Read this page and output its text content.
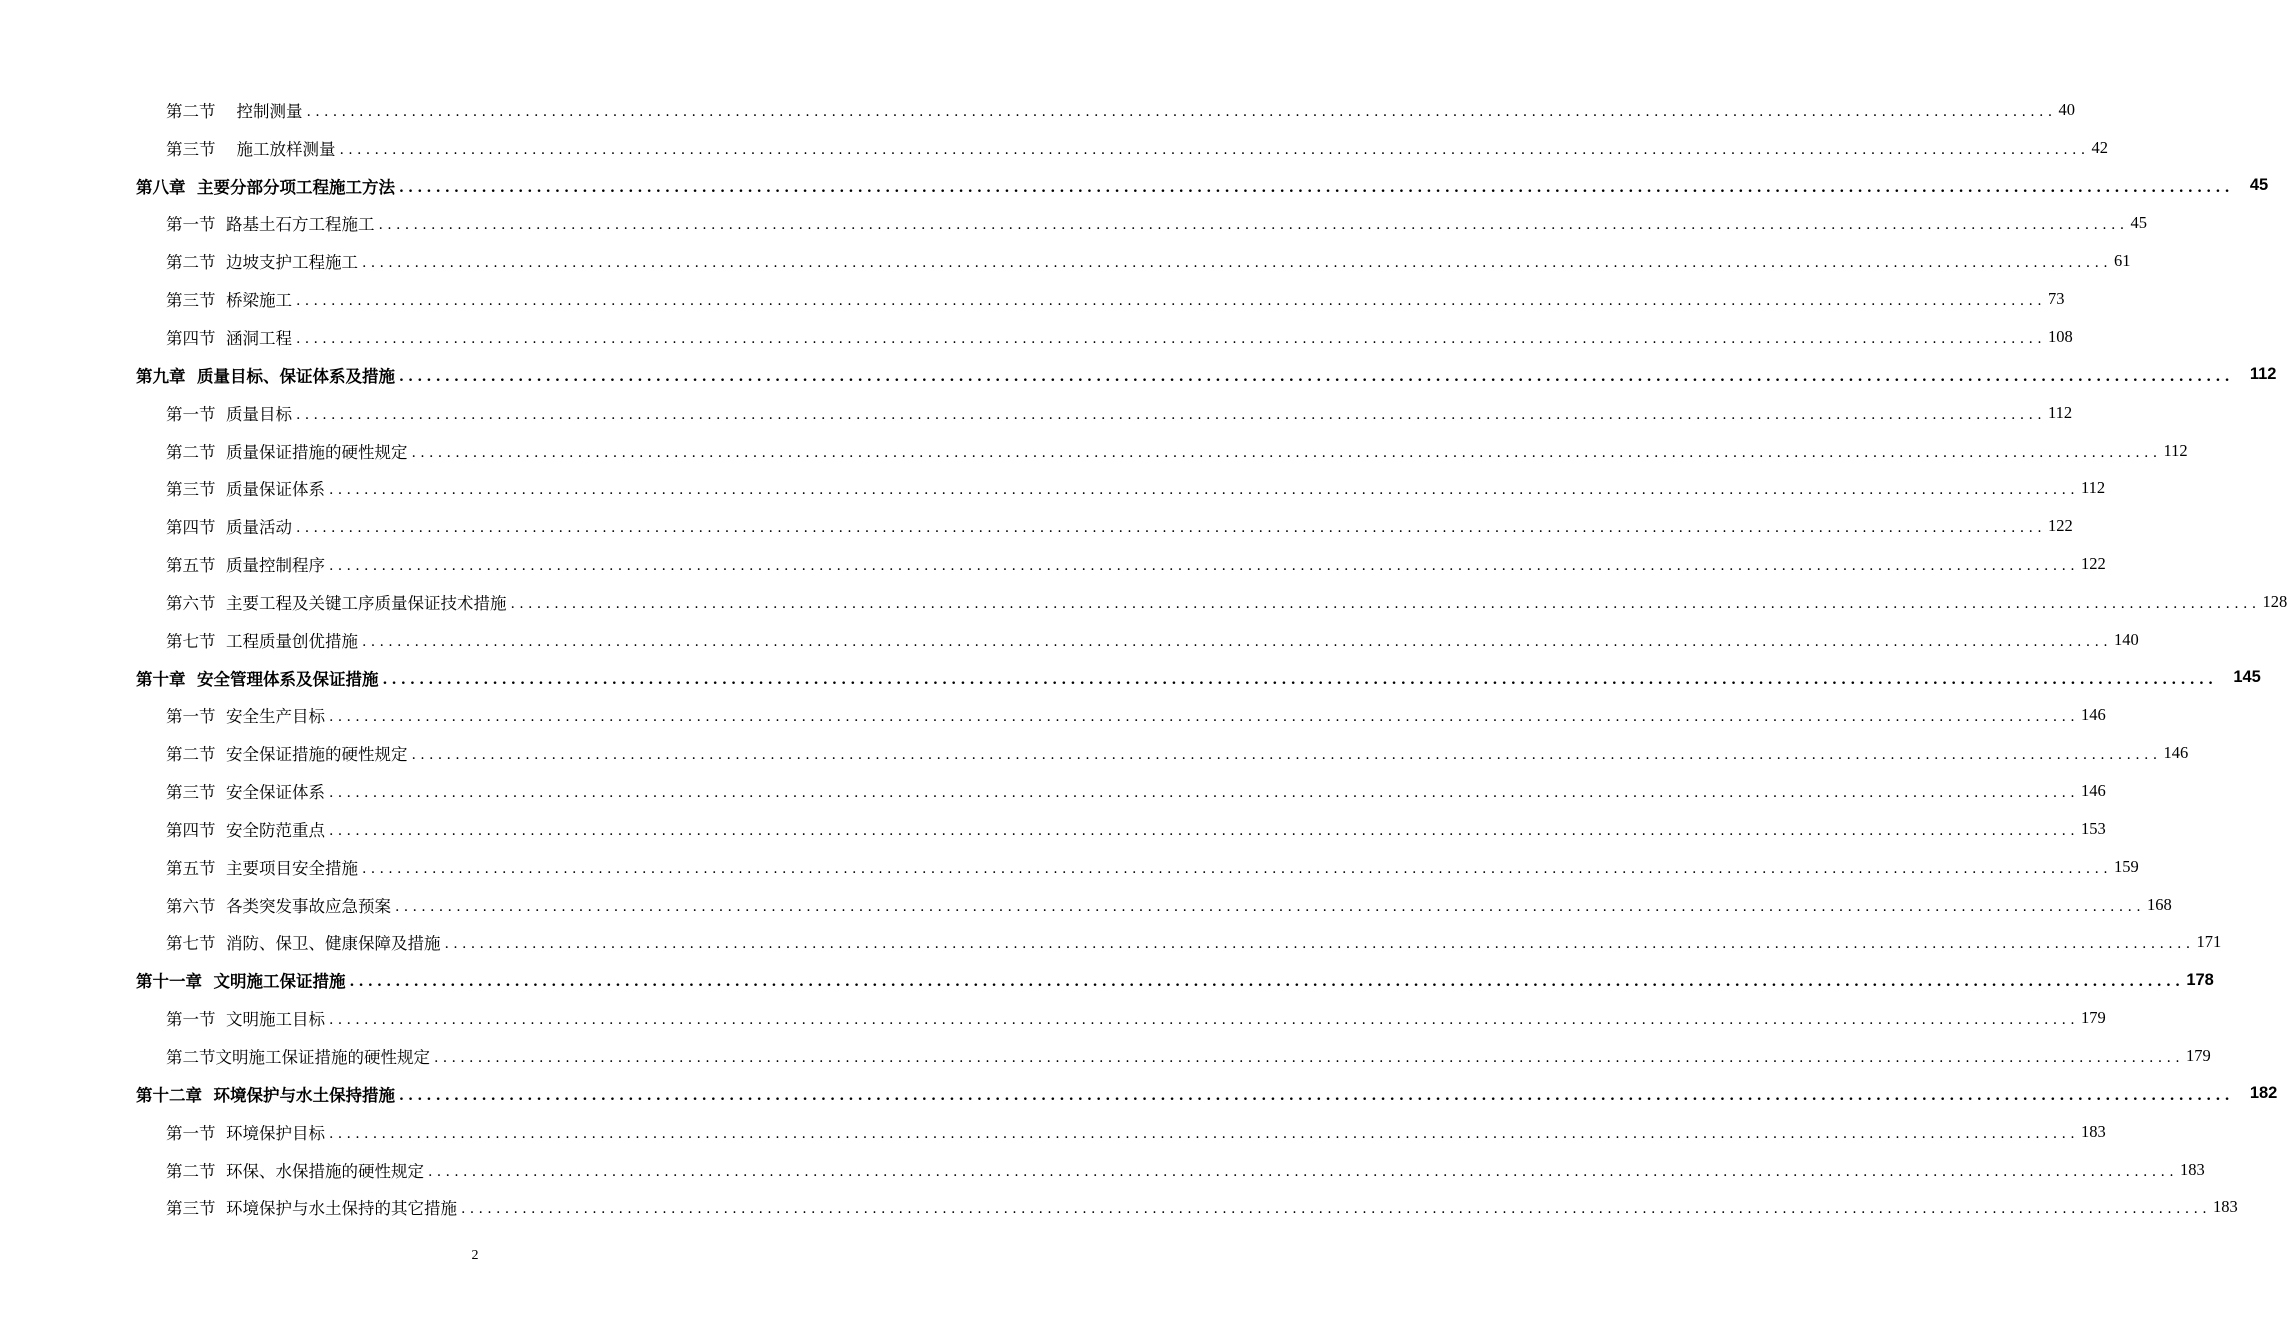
第二节    控制测量 ........................................................................................................................................................................................................ 40
第三节    施工放样测量 ........................................................................................................................................................................................................ 42
第八章  主要分部分项工程施工方法 ........................................................................................................................................................................................................ 45
第一节  路基土石方工程施工 ........................................................................................................................................................................................................ 45
第二节  边坡支护工程施工 ........................................................................................................................................................................................................ 61
第三节  桥梁施工 ........................................................................................................................................................................................................ 73
第四节  涵洞工程 ........................................................................................................................................................................................................ 108
第九章  质量目标、保证体系及措施 ........................................................................................................................................................................................................ 112
第一节  质量目标 ........................................................................................................................................................................................................ 112
第二节  质量保证措施的硬性规定 ........................................................................................................................................................................................................ 112
第三节  质量保证体系 ........................................................................................................................................................................................................ 112
第四节  质量活动 ........................................................................................................................................................................................................ 122
第五节  质量控制程序 ........................................................................................................................................................................................................ 122
第六节  主要工程及关键工序质量保证技术措施 ........................................................................................................................................................................................................ 128
第七节  工程质量创优措施 ........................................................................................................................................................................................................ 140
第十章  安全管理体系及保证措施 ........................................................................................................................................................................................................ 145
第一节  安全生产目标 ........................................................................................................................................................................................................ 146
第二节  安全保证措施的硬性规定 ........................................................................................................................................................................................................ 146
第三节  安全保证体系 ........................................................................................................................................................................................................ 146
第四节  安全防范重点 ........................................................................................................................................................................................................ 153
第五节  主要项目安全措施 ........................................................................................................................................................................................................ 159
第六节  各类突发事故应急预案 ........................................................................................................................................................................................................ 168
第七节  消防、保卫、健康保障及措施 ........................................................................................................................................................................................................ 171
第十一章  文明施工保证措施 ........................................................................................................................................................................................................ 178
第一节  文明施工目标 ........................................................................................................................................................................................................ 179
第二节文明施工保证措施的硬性规定 ........................................................................................................................................................................................................ 179
第十二章  环境保护与水土保持措施 ........................................................................................................................................................................................................ 182
第一节  环境保护目标 ........................................................................................................................................................................................................ 183
第二节  环保、水保措施的硬性规定 ........................................................................................................................................................................................................ 183
第三节  环境保护与水土保持的其它措施 ........................................................................................................................................................................................................ 183
2
